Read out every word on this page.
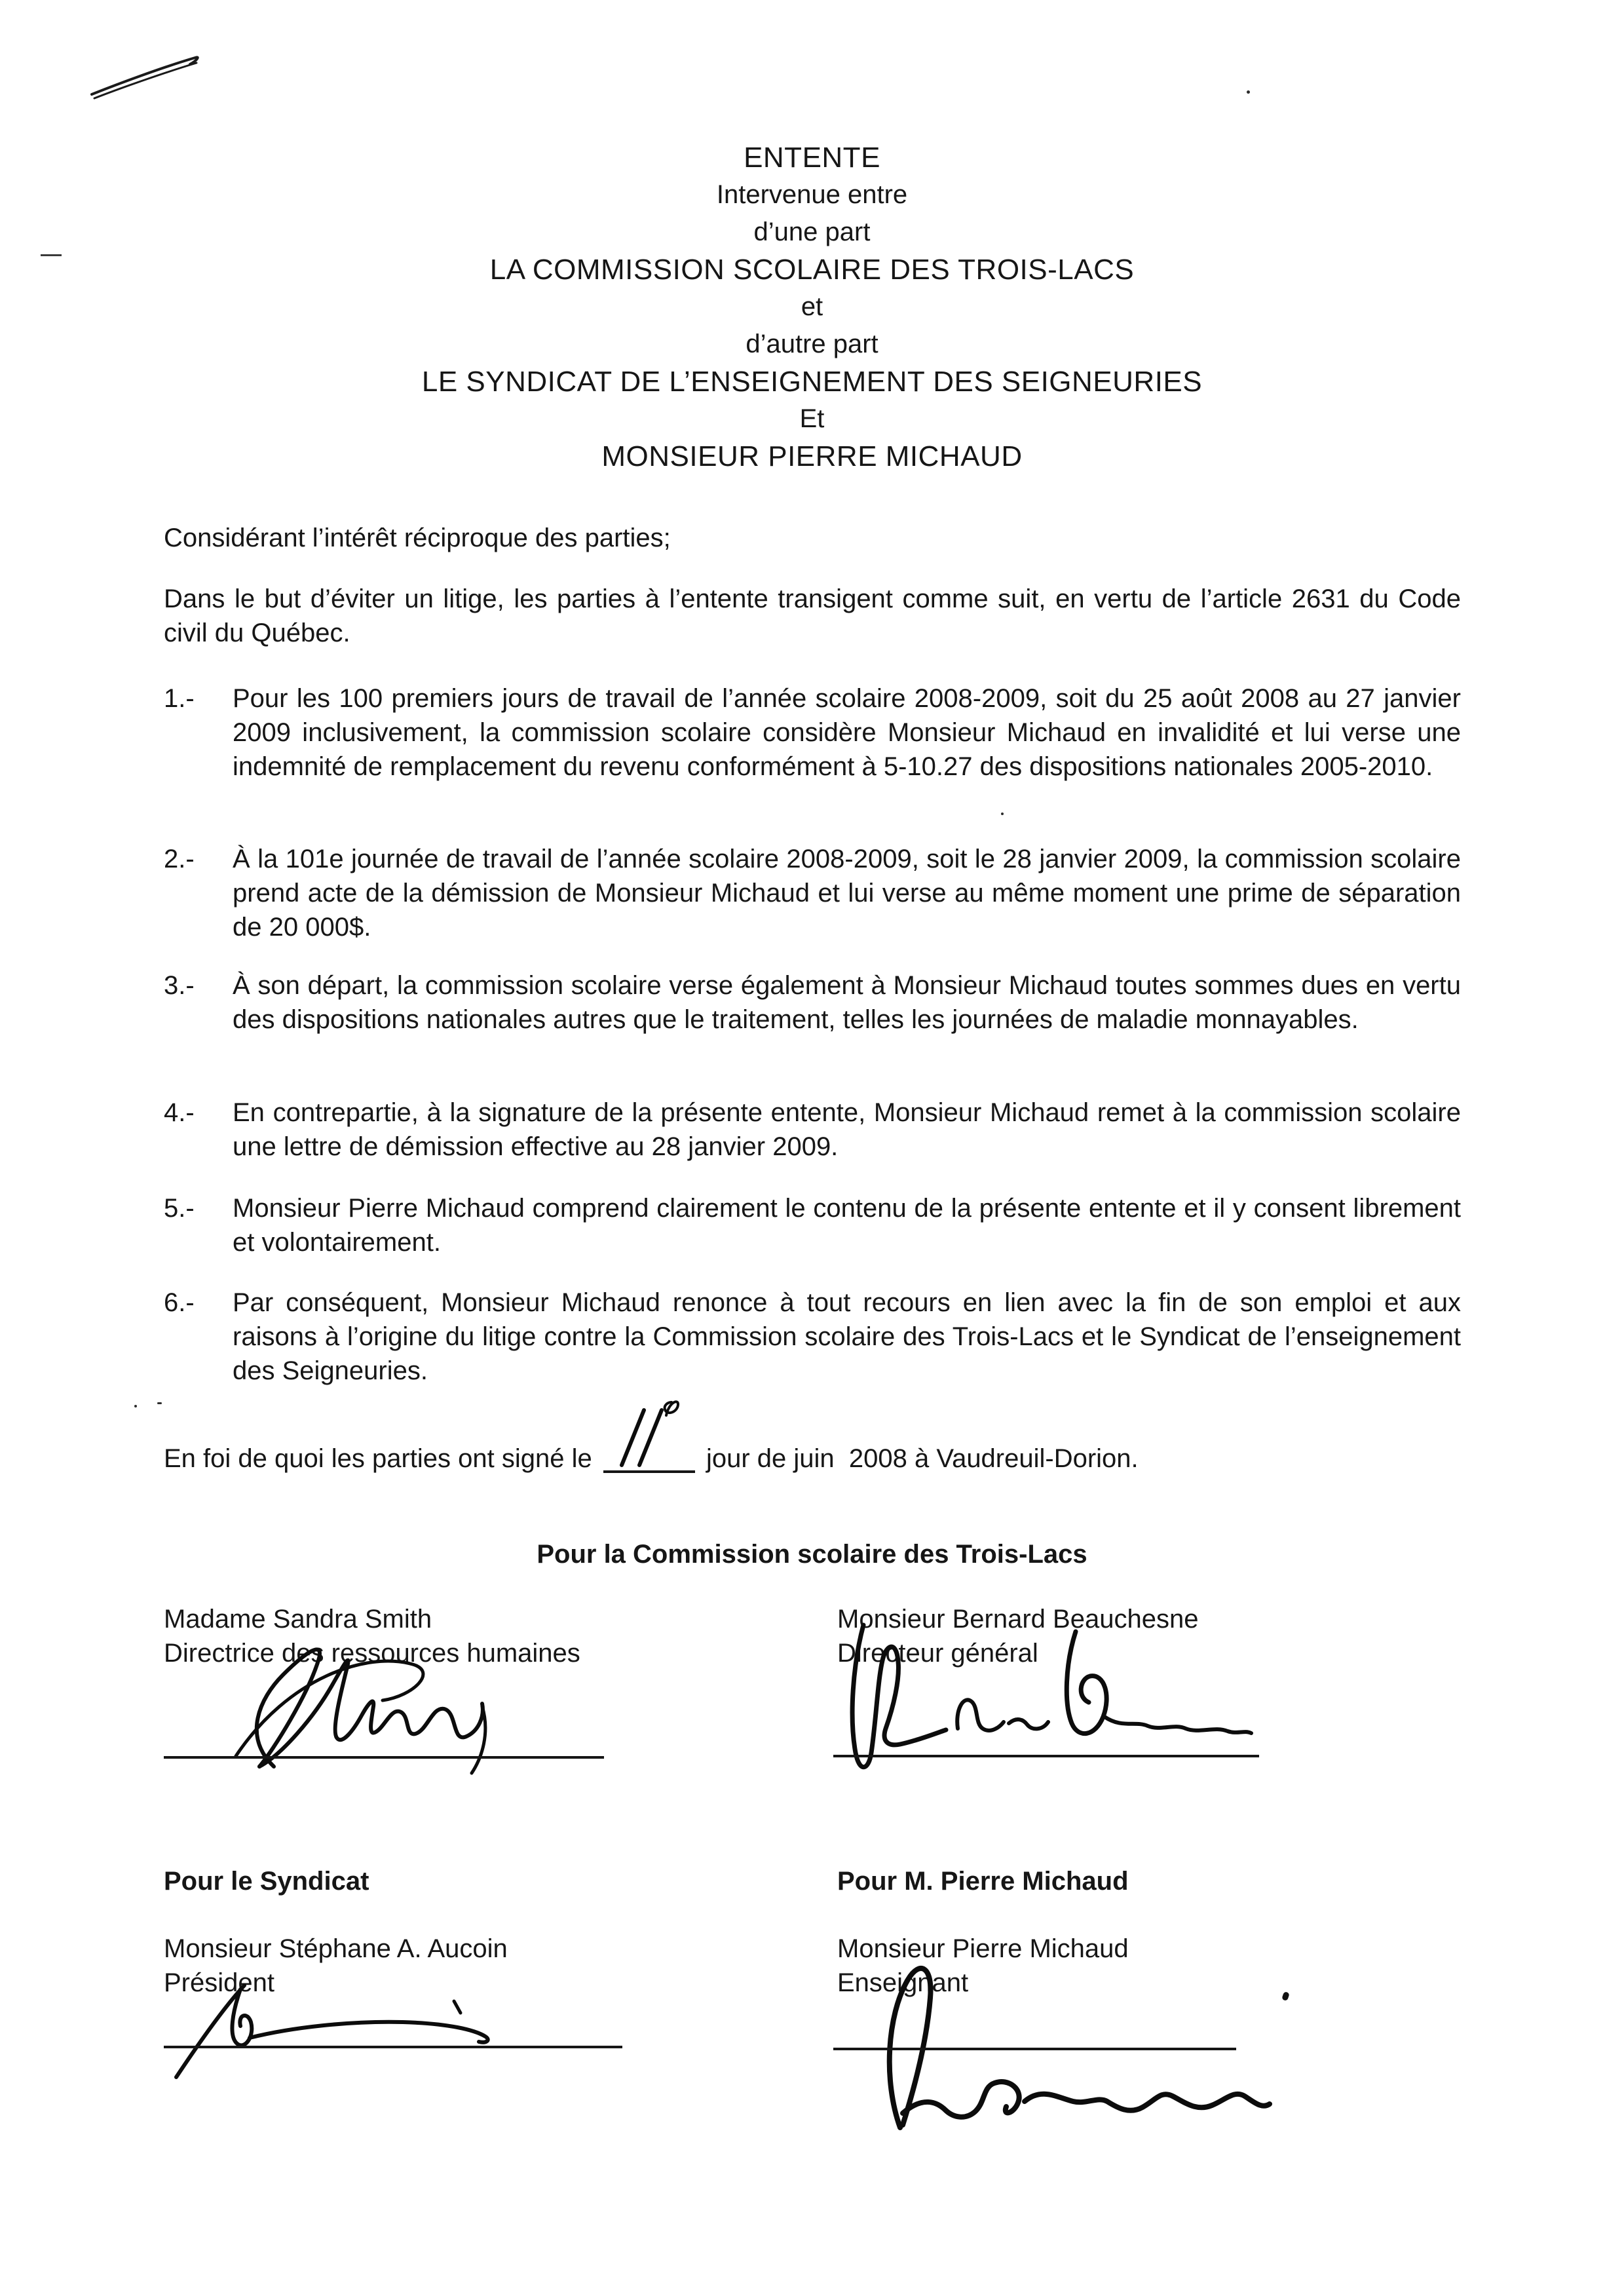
ENTENTE
Intervenue entre
d’une part
LA COMMISSION SCOLAIRE DES TROIS-LACS
et
d’autre part
LE SYNDICAT DE L’ENSEIGNEMENT DES SEIGNEURIES
Et
MONSIEUR PIERRE MICHAUD

Considérant l’intérêt réciproque des parties;

Dans le but d’éviter un litige, les parties à l’entente transigent comme suit, en vertu de l’article 2631 du Code civil du Québec.

1.-	Pour les 100 premiers jours de travail de l’année scolaire 2008-2009, soit du 25 août 2008 au 27 janvier 2009 inclusivement, la commission scolaire considère Monsieur Michaud en invalidité et lui verse une indemnité de remplacement du revenu conformément à 5-10.27 des dispositions nationales 2005-2010.

2.-	À la 101e journée de travail de l’année scolaire 2008-2009, soit le 28 janvier 2009, la commission scolaire prend acte de la démission de Monsieur Michaud et lui verse au même moment une prime de séparation de 20 000$.

3.-	À son départ, la commission scolaire verse également à Monsieur Michaud toutes sommes dues en vertu des dispositions nationales autres que le traitement, telles les journées de maladie monnayables.

4.-	En contrepartie, à la signature de la présente entente, Monsieur Michaud remet à la commission scolaire une lettre de démission effective au 28 janvier 2009.

5.-	Monsieur Pierre Michaud comprend clairement le contenu de la présente entente et il y consent librement et volontairement.

6.-	Par conséquent, Monsieur Michaud renonce à tout recours en lien avec la fin de son emploi et aux raisons à l’origine du litige contre la Commission scolaire des Trois-Lacs et le Syndicat de l’enseignement des Seigneuries.

En foi de quoi les parties ont signé le

	jour de juin  2008 à Vaudreuil-Dorion.
Pour la Commission scolaire des Trois-Lacs
Madame Sandra Smith
Directrice des ressources humaines
Monsieur Bernard Beauchesne
Directeur général
Pour le Syndicat	Pour M. Pierre Michaud
Monsieur Stéphane A. Aucoin
Président
Monsieur Pierre Michaud
Enseignant
